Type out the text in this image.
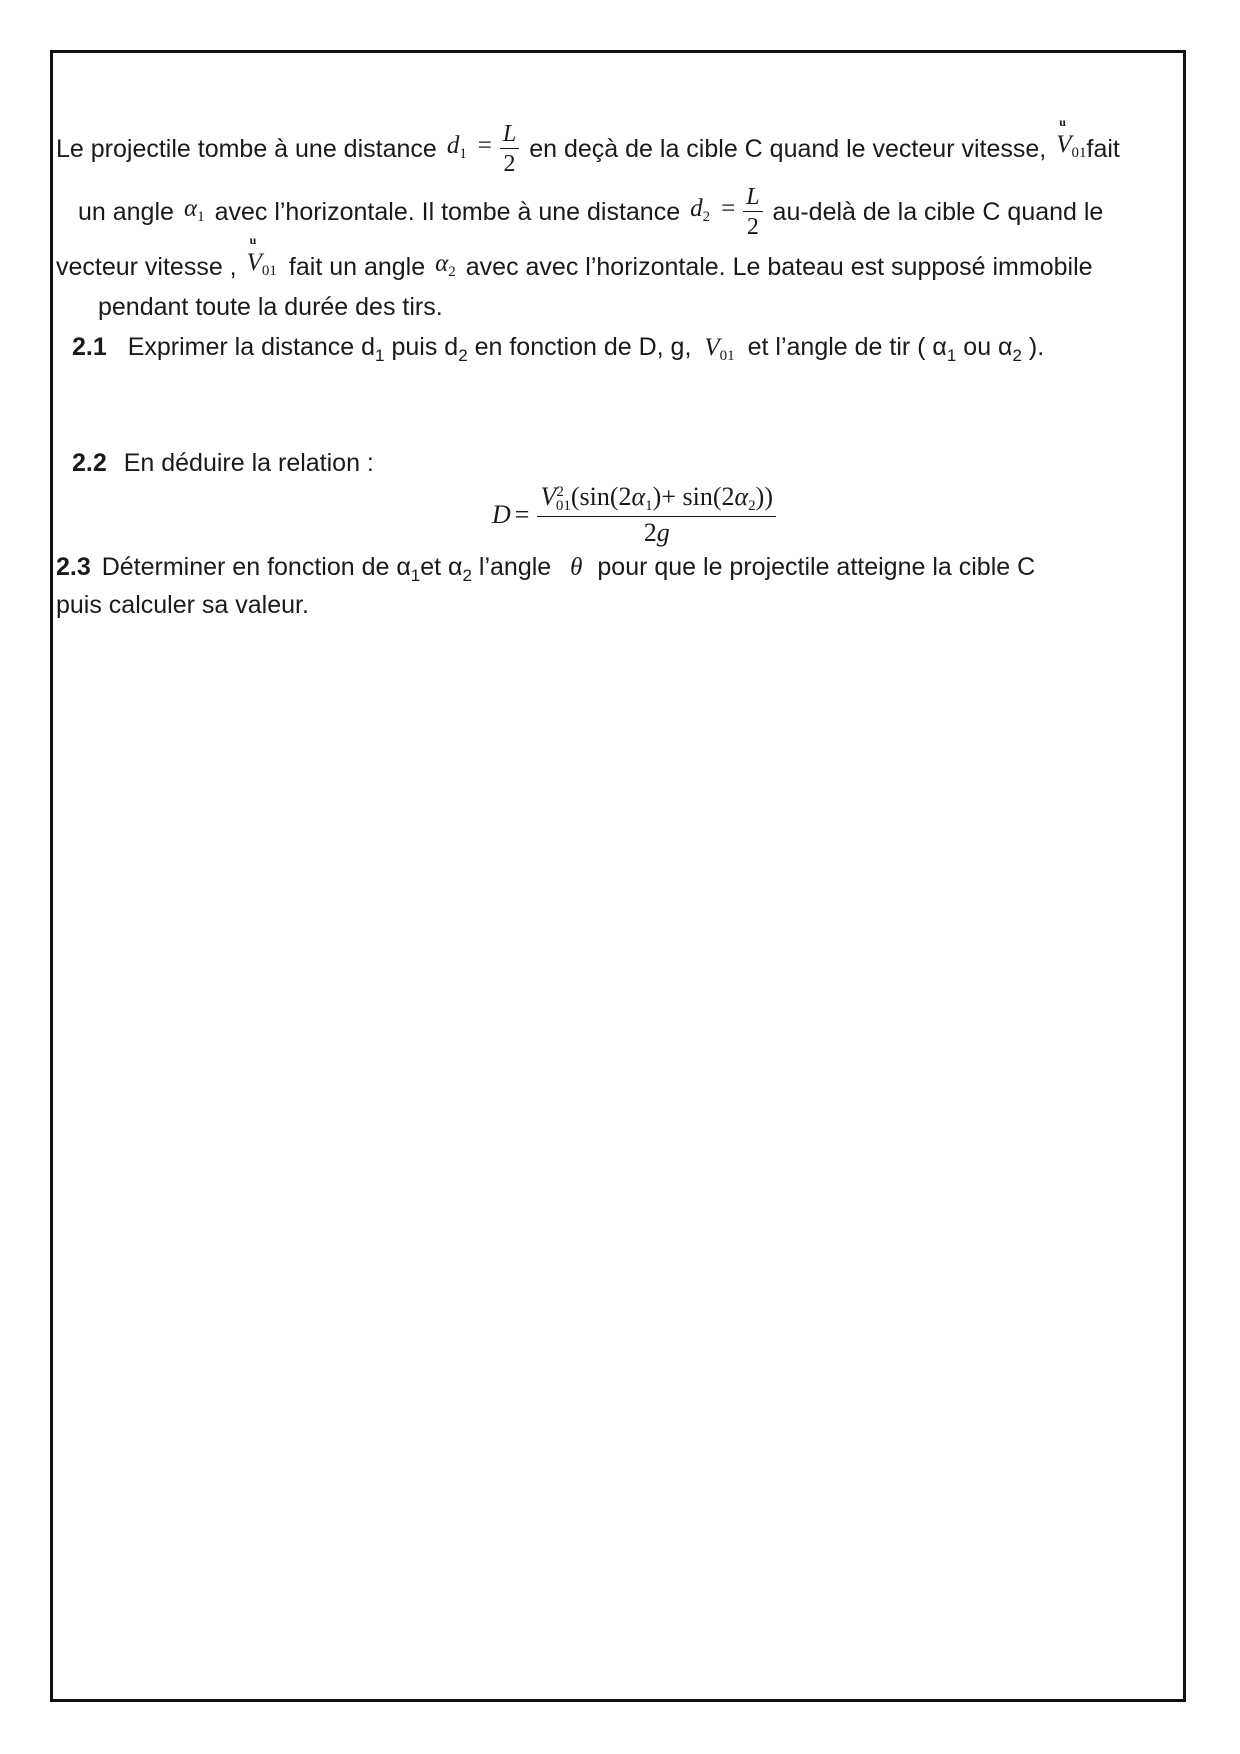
Le projectile tombe à une distance $d_1 = \frac{L}{2}$ en deçà de la cible C quand le vecteur vitesse,
u
$V_{01}$ fait
un angle $\alpha_1$ avec l’horizontale. Il tombe à une distance $d_2 = \frac{L}{2}$ au-delà de la cible C quand le
vecteur vitesse ,
u
$V_{01}$ fait un angle $\alpha_2$ avec avec l’horizontale. Le bateau est supposé immobile
pendant toute la durée des tirs.
2.1 Exprimer la distance $d_1$ puis $d_2$ en fonction de D, g, $V_{01}$ et l’angle de tir ( $\alpha_1$ ou $\alpha_2$ ).
2.2 En déduire la relation :
$D = \frac{V^2_{01}(\sin(2\alpha_1)+ \sin(2\alpha_2))}{2g}$
2.3 Déterminer en fonction de $\alpha_1et$ $\alpha_2$ l’angle θ pour que le projectile atteigne la cible C
puis calculer sa valeur.
